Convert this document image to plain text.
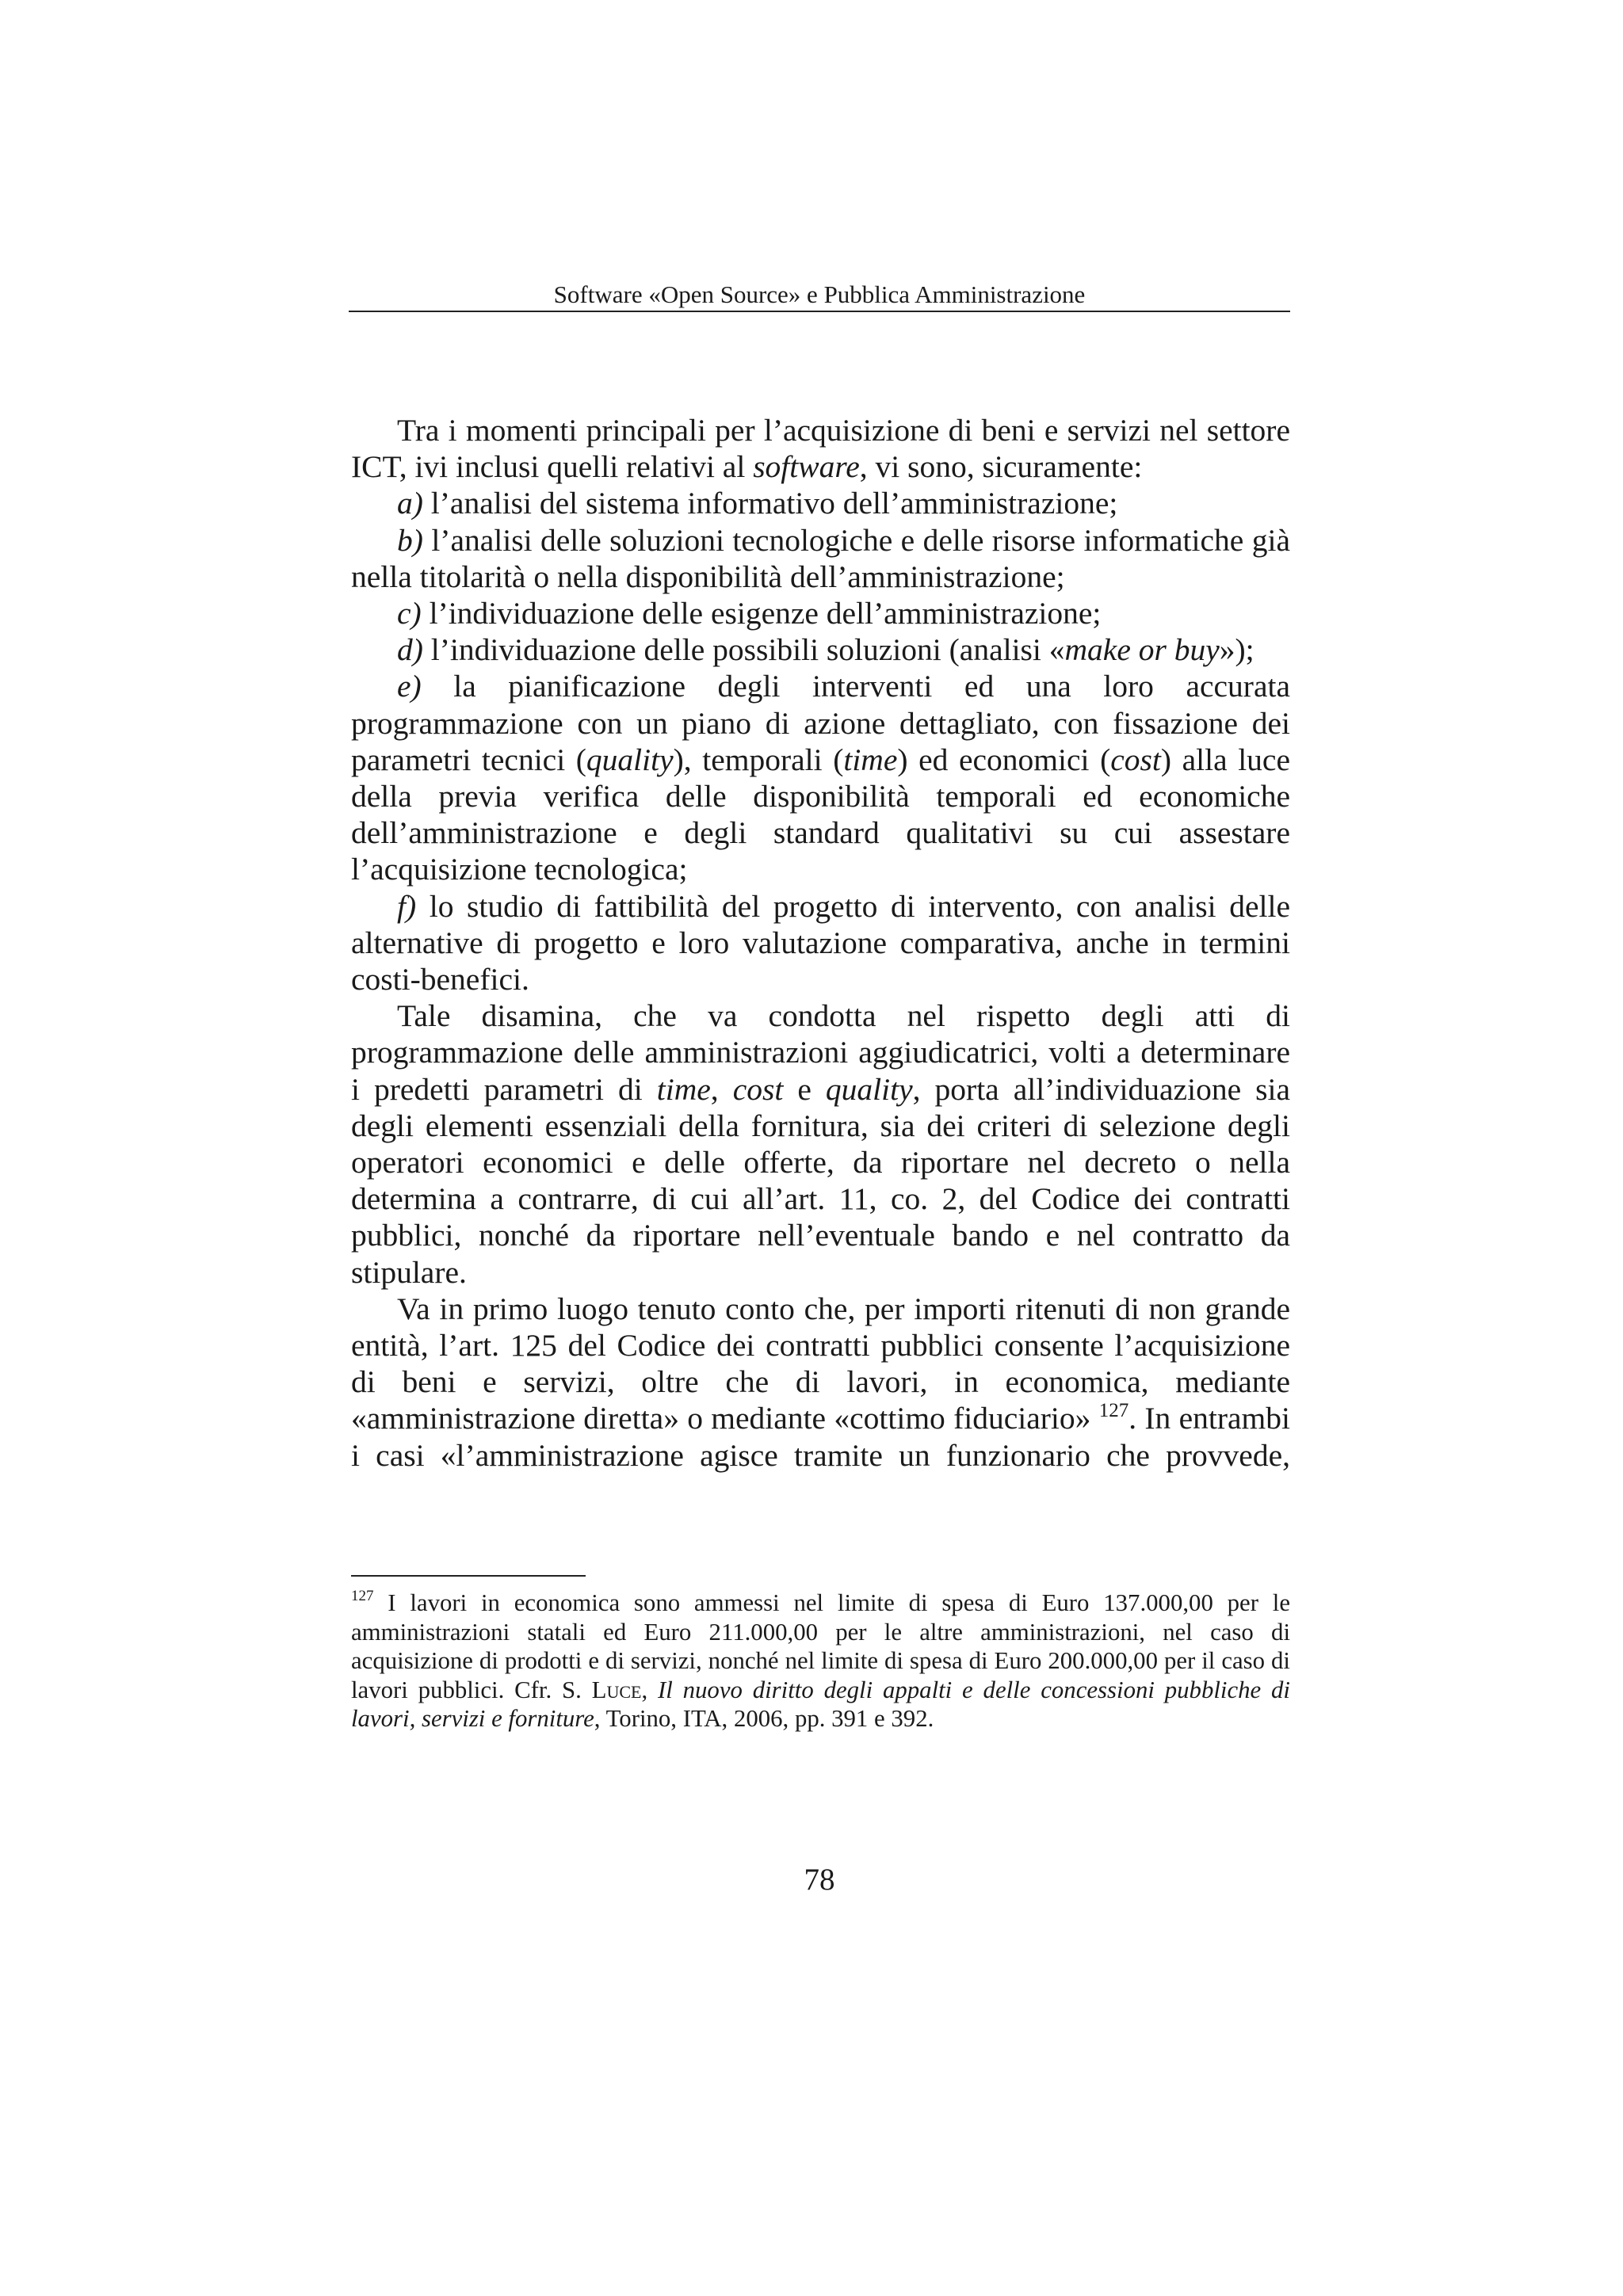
Software «Open Source» e Pubblica Amministrazione

Tra i momenti principali per l’acquisizione di beni e servizi nel settore ICT, ivi inclusi quelli relativi al software, vi sono, sicuramente:

a) l’analisi del sistema informativo dell’amministrazione;

b) l’analisi delle soluzioni tecnologiche e delle risorse informatiche già nella titolarità o nella disponibilità dell’amministrazione;

c) l’individuazione delle esigenze dell’amministrazione;

d) l’individuazione delle possibili soluzioni (analisi «make or buy»);

e) la pianificazione degli interventi ed una loro accurata programmazione con un piano di azione dettagliato, con fissazione dei parametri tecnici (quality), temporali (time) ed economici (cost) alla luce della previa verifica delle disponibilità temporali ed economiche dell’amministrazione e degli standard qualitativi su cui assestare l’acquisizione tecnologica;

f) lo studio di fattibilità del progetto di intervento, con analisi delle alternative di progetto e loro valutazione comparativa, anche in termini costi-benefici.

Tale disamina, che va condotta nel rispetto degli atti di programmazione delle amministrazioni aggiudicatrici, volti a determinare i predetti parametri di time, cost e quality, porta all’individuazione sia degli elementi essenziali della fornitura, sia dei criteri di selezione degli operatori economici e delle offerte, da riportare nel decreto o nella determina a contrarre, di cui all’art. 11, co. 2, del Codice dei contratti pubblici, nonché da riportare nell’eventuale bando e nel contratto da stipulare.

Va in primo luogo tenuto conto che, per importi ritenuti di non grande entità, l’art. 125 del Codice dei contratti pubblici consente l’acquisizione di beni e servizi, oltre che di lavori, in economica, mediante «amministrazione diretta» o mediante «cottimo fiduciario» $^{127}$. In entrambi i casi «l’amministrazione agisce tramite un funzionario che provvede,

$^{127}$ I lavori in economica sono ammessi nel limite di spesa di Euro 137.000,00 per le amministrazioni statali ed Euro 211.000,00 per le altre amministrazioni, nel caso di acquisizione di prodotti e di servizi, nonché nel limite di spesa di Euro 200.000,00 per il caso di lavori pubblici. Cfr. S. Luce, Il nuovo diritto degli appalti e delle concessioni pubbliche di lavori, servizi e forniture, Torino, ITA, 2006, pp. 391 e 392.

78
